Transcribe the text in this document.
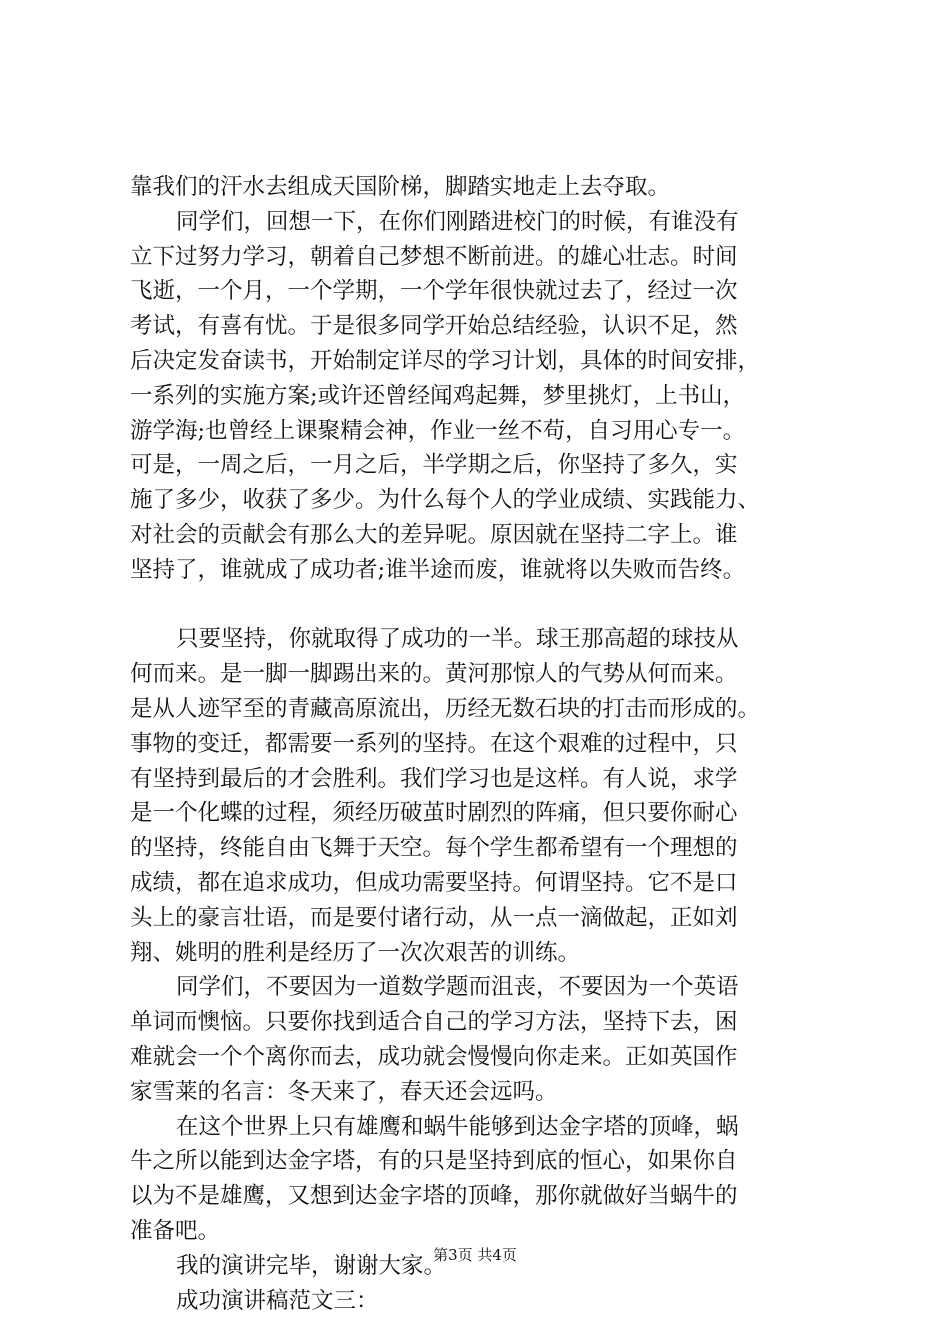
靠我们的汗水去组成天国阶梯，脚踏实地走上去夺取。
同学们，回想一下，在你们刚踏进校门的时候，有谁没有
立下过努力学习，朝着自己梦想不断前进。的雄心壮志。时间
飞逝，一个月，一个学期，一个学年很快就过去了，经过一次
考试，有喜有忧。于是很多同学开始总结经验，认识不足，然
后决定发奋读书，开始制定详尽的学习计划，具体的时间安排，
一系列的实施方案;或许还曾经闻鸡起舞，梦里挑灯，上书山，
游学海;也曾经上课聚精会神，作业一丝不苟，自习用心专一。
可是，一周之后，一月之后，半学期之后，你坚持了多久，实
施了多少，收获了多少。为什么每个人的学业成绩、实践能力、
对社会的贡献会有那么大的差异呢。原因就在坚持二字上。谁
坚持了，谁就成了成功者;谁半途而废，谁就将以失败而告终。
只要坚持，你就取得了成功的一半。球王那高超的球技从
何而来。是一脚一脚踢出来的。黄河那惊人的气势从何而来。
是从人迹罕至的青藏高原流出，历经无数石块的打击而形成的。
事物的变迁，都需要一系列的坚持。在这个艰难的过程中，只
有坚持到最后的才会胜利。我们学习也是这样。有人说，求学
是一个化蝶的过程，须经历破茧时剧烈的阵痛，但只要你耐心
的坚持，终能自由飞舞于天空。每个学生都希望有一个理想的
成绩，都在追求成功，但成功需要坚持。何谓坚持。它不是口
头上的豪言壮语，而是要付诸行动，从一点一滴做起，正如刘
翔、姚明的胜利是经历了一次次艰苦的训练。
同学们，不要因为一道数学题而沮丧，不要因为一个英语
单词而懊恼。只要你找到适合自己的学习方法，坚持下去，困
难就会一个个离你而去，成功就会慢慢向你走来。正如英国作
家雪莱的名言：冬天来了，春天还会远吗。
在这个世界上只有雄鹰和蜗牛能够到达金字塔的顶峰，蜗
牛之所以能到达金字塔，有的只是坚持到底的恒心，如果你自
以为不是雄鹰，又想到达金字塔的顶峰，那你就做好当蜗牛的
准备吧。
我的演讲完毕，谢谢大家。
成功演讲稿范文三：
第3页 共4页
